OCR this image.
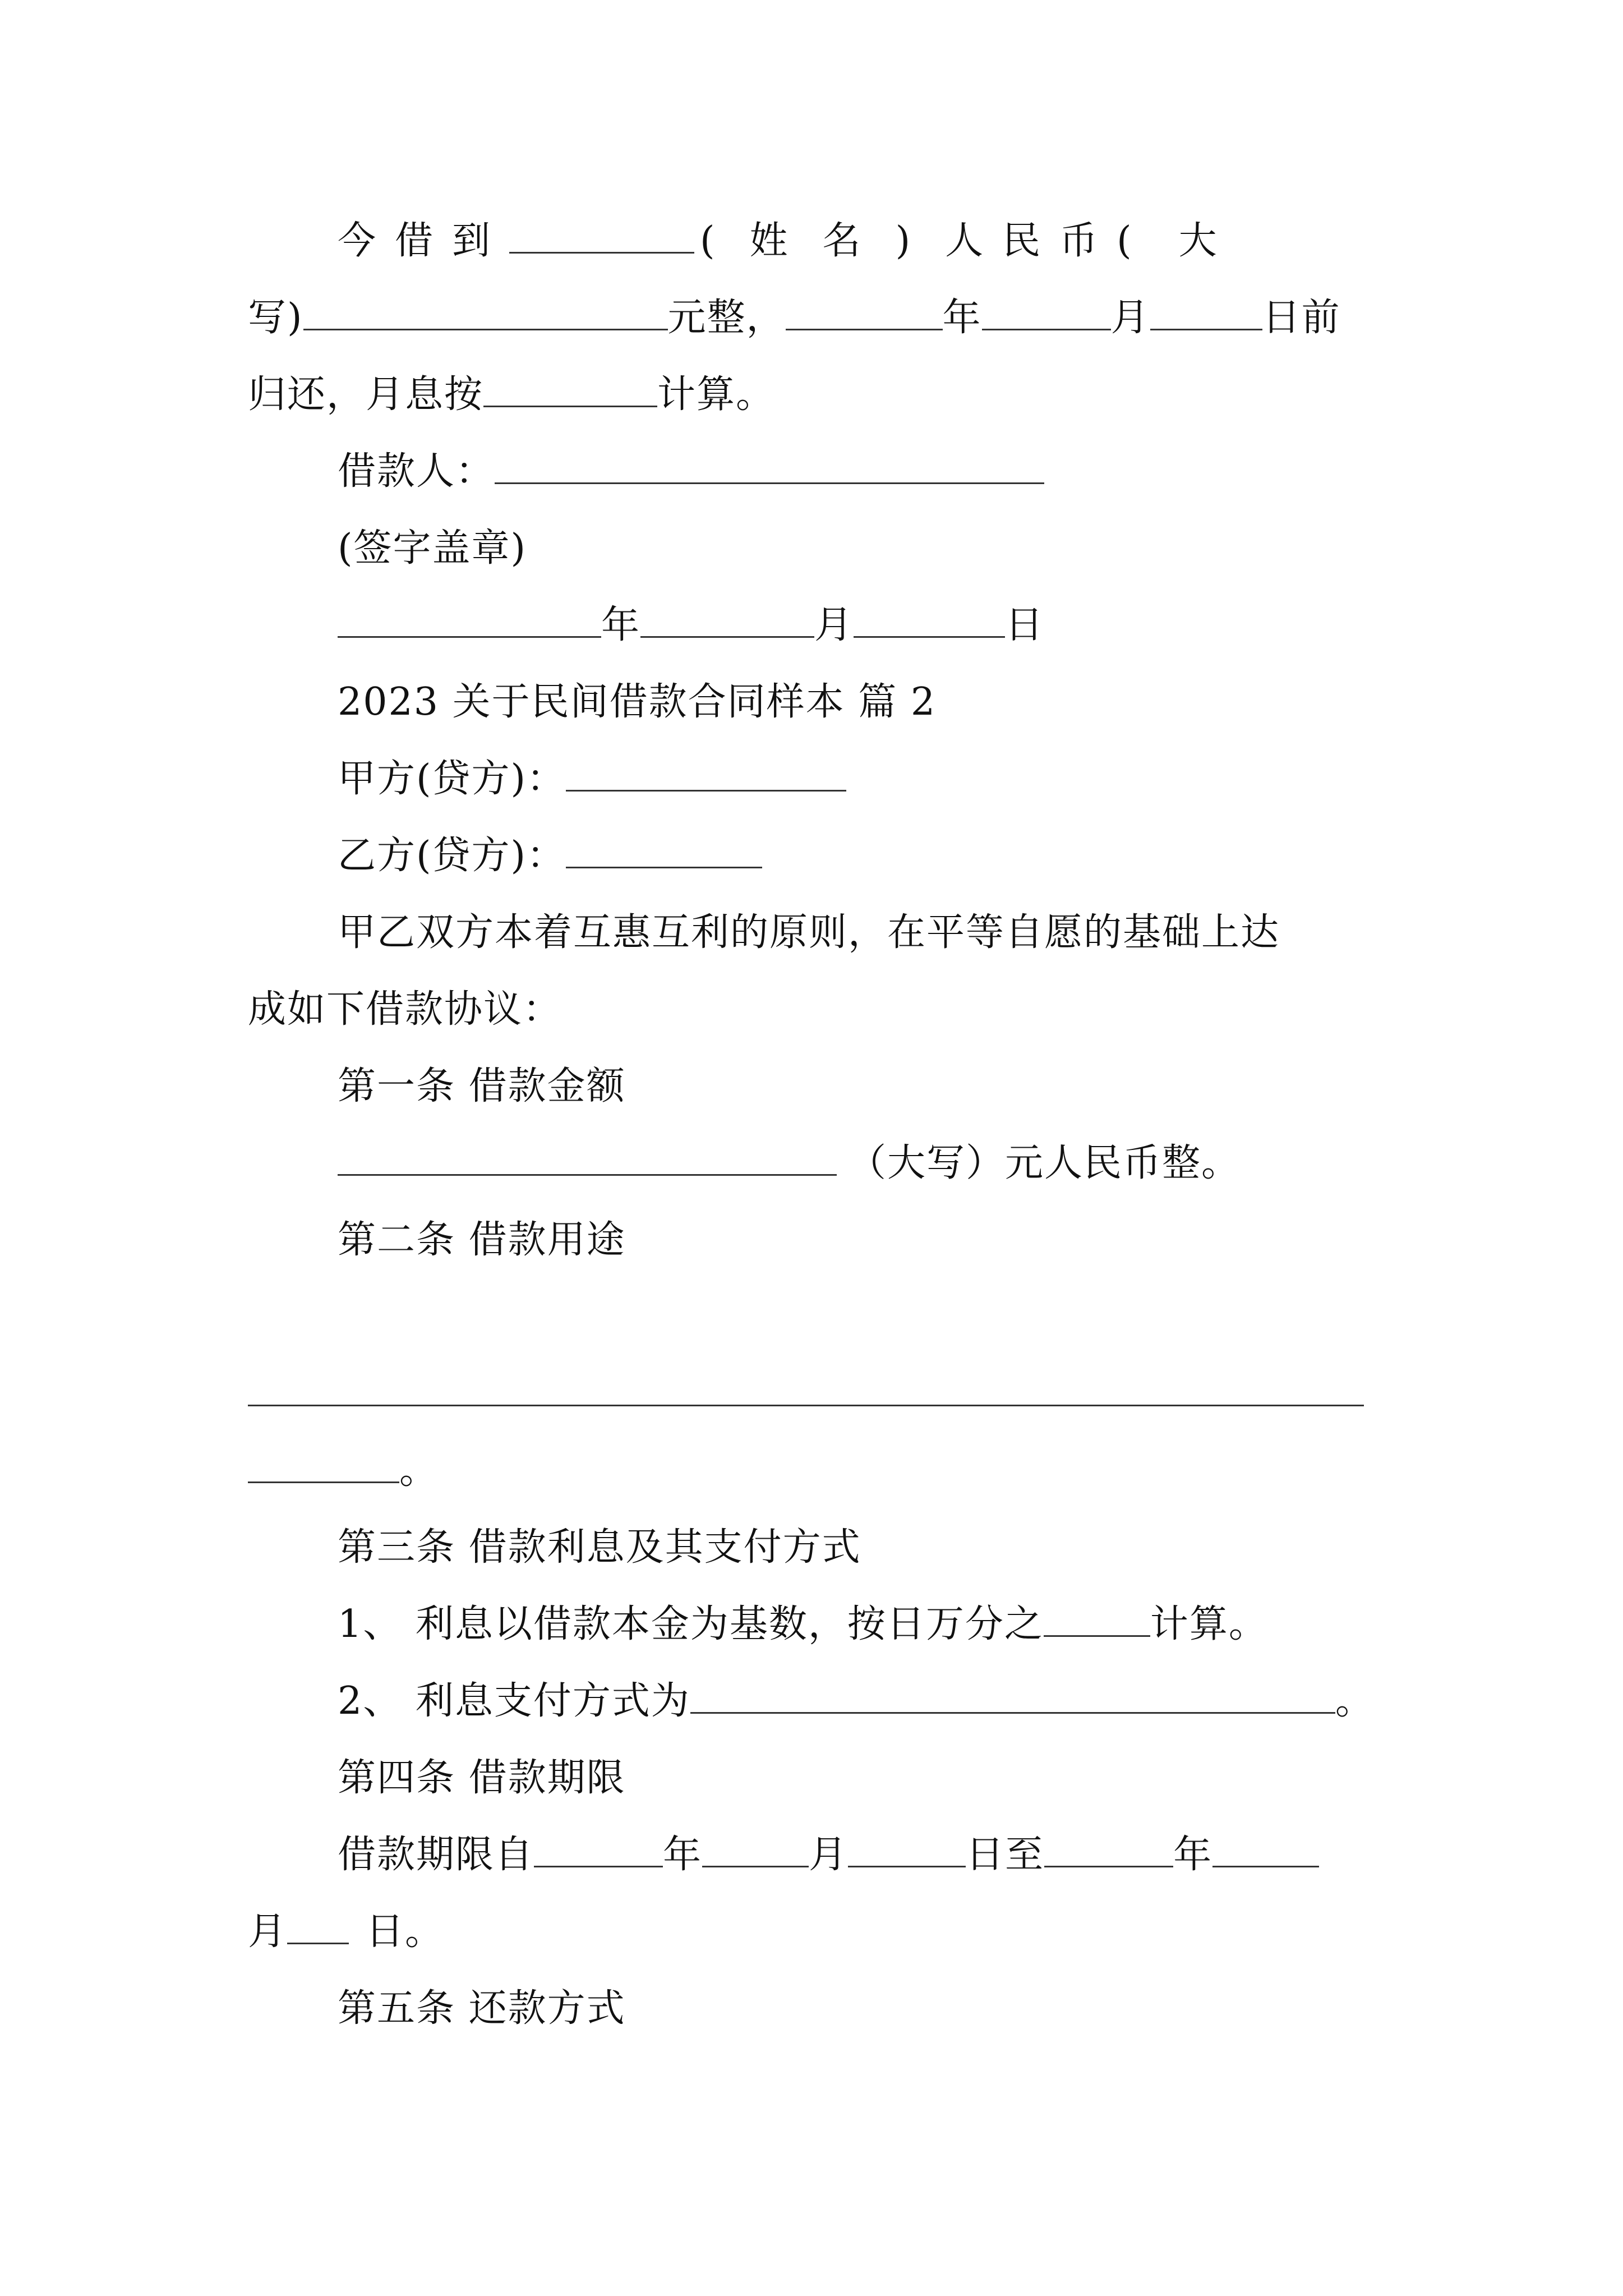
今借到	( 姓名) 人民币( 大
写)	元整，	年	月	日前
归还，月息按	计算。
借款人：
(签字盖章)
年	月	日
2023 关于民间借款合同样本 篇 2
甲方(贷方)：
乙方(贷方)：
甲乙双方本着互惠互利的原则，在平等自愿的基础上达
成如下借款协议：
第一条 借款金额
（大写）元人民币整。
第二条 借款用途
。
第三条 借款利息及其支付方式
1、 利息以借款本金为基数，按日万分之	计算。
2、 利息支付方式为	。
第四条 借款期限
借款期限自	年	月	日至	年
月 日。
第五条 还款方式
